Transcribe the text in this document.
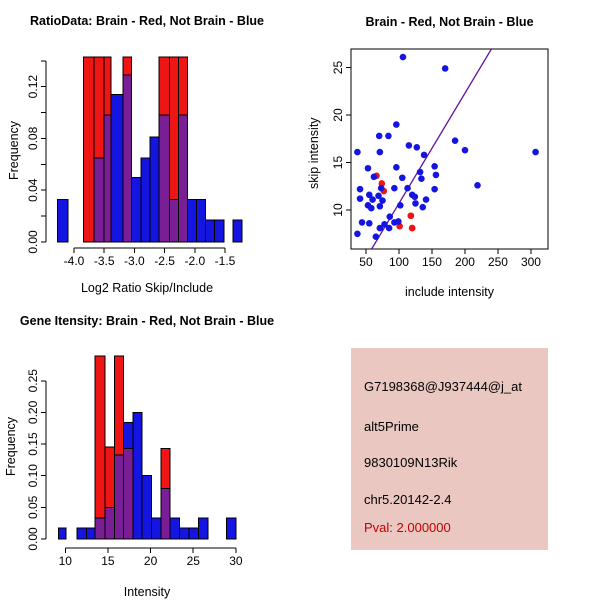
-4.0 -3.5 -3.0 -2.5 -2.0 -1.5
0.00
0.04
0.08
0.12
50 100 150 200 250 300
10
15
20
25
10 15 20 25 30
0.00
0.05
0.10
0.15
0.20
0.25
RatioData: Brain - Red, Not Brain - Blue
Log2 Ratio Skip/Include
Frequency
Brain - Red, Not Brain - Blue
include intensity
skip intensity
Gene Itensity: Brain - Red, Not Brain - Blue
Intensity
Frequency
G7198368@J937444@j_at
alt5Prime
9830109N13Rik
chr5.20142-2.4
Pval: 2.000000
